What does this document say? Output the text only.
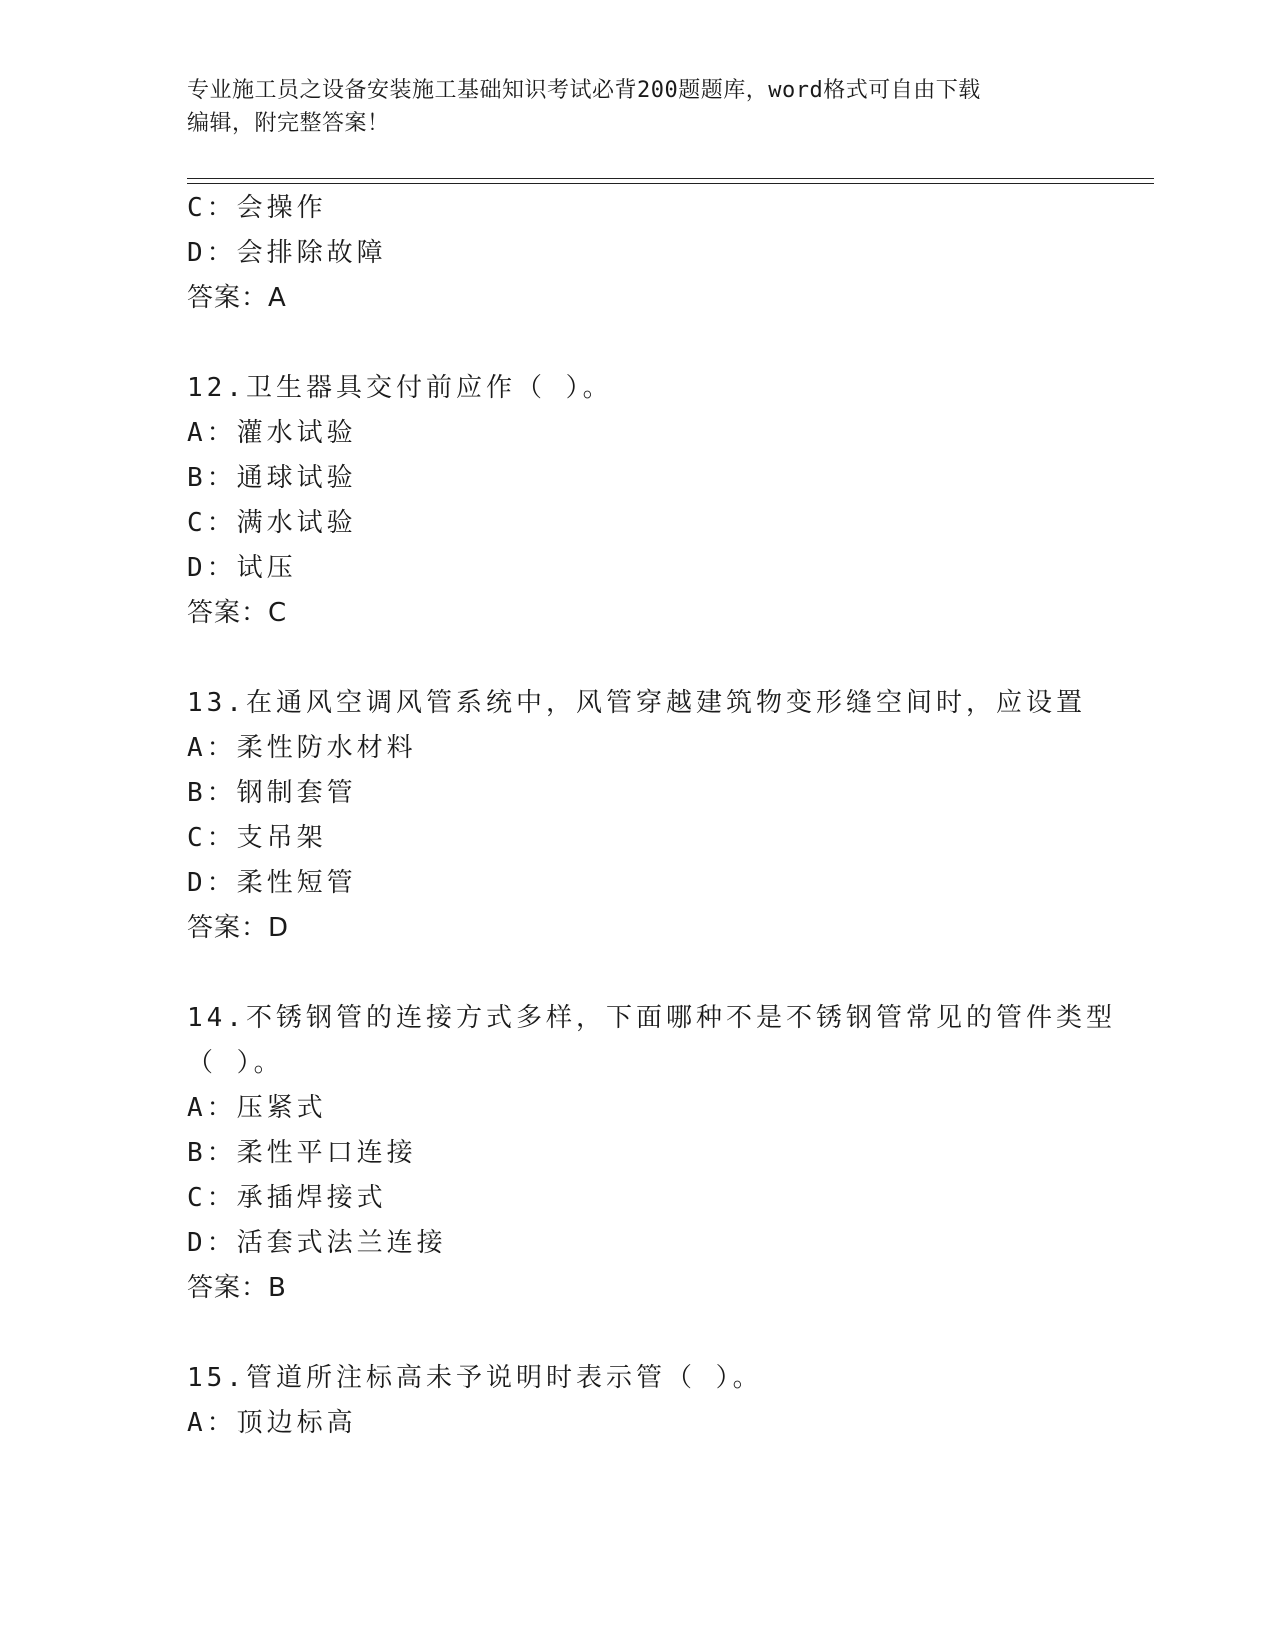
专业施工员之设备安装施工基础知识考试必背200题题库，word格式可自由下载
编辑，附完整答案！
C：会操作
D：会排除故障
答案：A
12.卫生器具交付前应作（ ）。
A：灌水试验
B：通球试验
C：满水试验
D：试压
答案：C
13.在通风空调风管系统中，风管穿越建筑物变形缝空间时，应设置
A：柔性防水材料
B：钢制套管
C：支吊架
D：柔性短管
答案：D
14.不锈钢管的连接方式多样，下面哪种不是不锈钢管常见的管件类型
（ ）。
A：压紧式
B：柔性平口连接
C：承插焊接式
D：活套式法兰连接
答案：B
15.管道所注标高未予说明时表示管（ ）。
A：顶边标高
